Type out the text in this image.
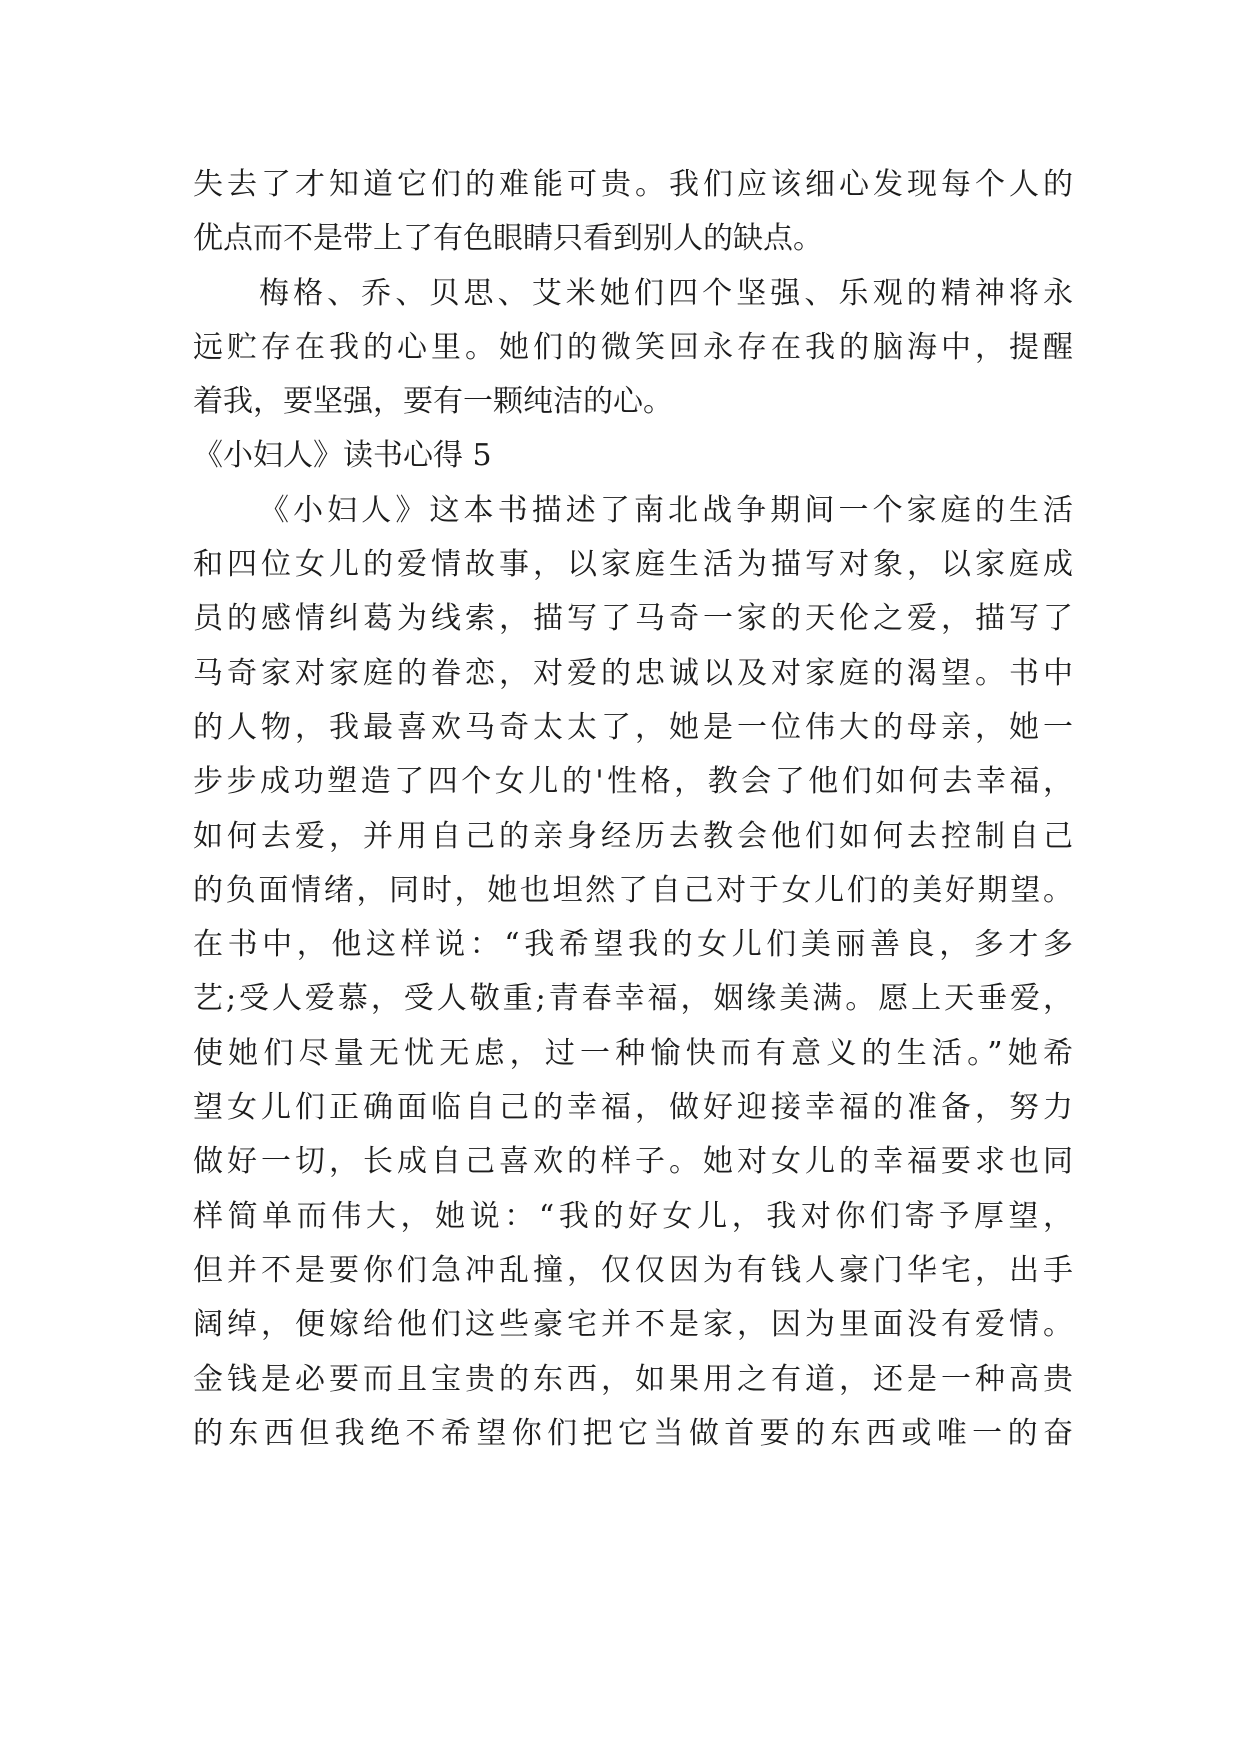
失去了才知道它们的难能可贵。我们应该细心发现每个人的
优点而不是带上了有色眼睛只看到别人的缺点。
梅格、乔、贝思、艾米她们四个坚强、乐观的精神将永
远贮存在我的心里。她们的微笑回永存在我的脑海中，提醒
着我，要坚强，要有一颗纯洁的心。
《小妇人》读书心得 5
《小妇人》这本书描述了南北战争期间一个家庭的生活
和四位女儿的爱情故事，以家庭生活为描写对象，以家庭成
员的感情纠葛为线索，描写了马奇一家的天伦之爱，描写了
马奇家对家庭的眷恋，对爱的忠诚以及对家庭的渴望。书中
的人物，我最喜欢马奇太太了，她是一位伟大的母亲，她一
步步成功塑造了四个女儿的'性格，教会了他们如何去幸福，
如何去爱，并用自己的亲身经历去教会他们如何去控制自己
的负面情绪，同时，她也坦然了自己对于女儿们的美好期望。
在书中，他这样说：“我希望我的女儿们美丽善良，多才多
艺;受人爱慕，受人敬重;青春幸福，姻缘美满。愿上天垂爱，
使她们尽量无忧无虑，过一种愉快而有意义的生活。”她希
望女儿们正确面临自己的幸福，做好迎接幸福的准备，努力
做好一切，长成自己喜欢的样子。她对女儿的幸福要求也同
样简单而伟大，她说：“我的好女儿，我对你们寄予厚望，
但并不是要你们急冲乱撞，仅仅因为有钱人豪门华宅，出手
阔绰，便嫁给他们这些豪宅并不是家，因为里面没有爱情。
金钱是必要而且宝贵的东西，如果用之有道，还是一种高贵
的东西但我绝不希望你们把它当做首要的东西或唯一的奋
